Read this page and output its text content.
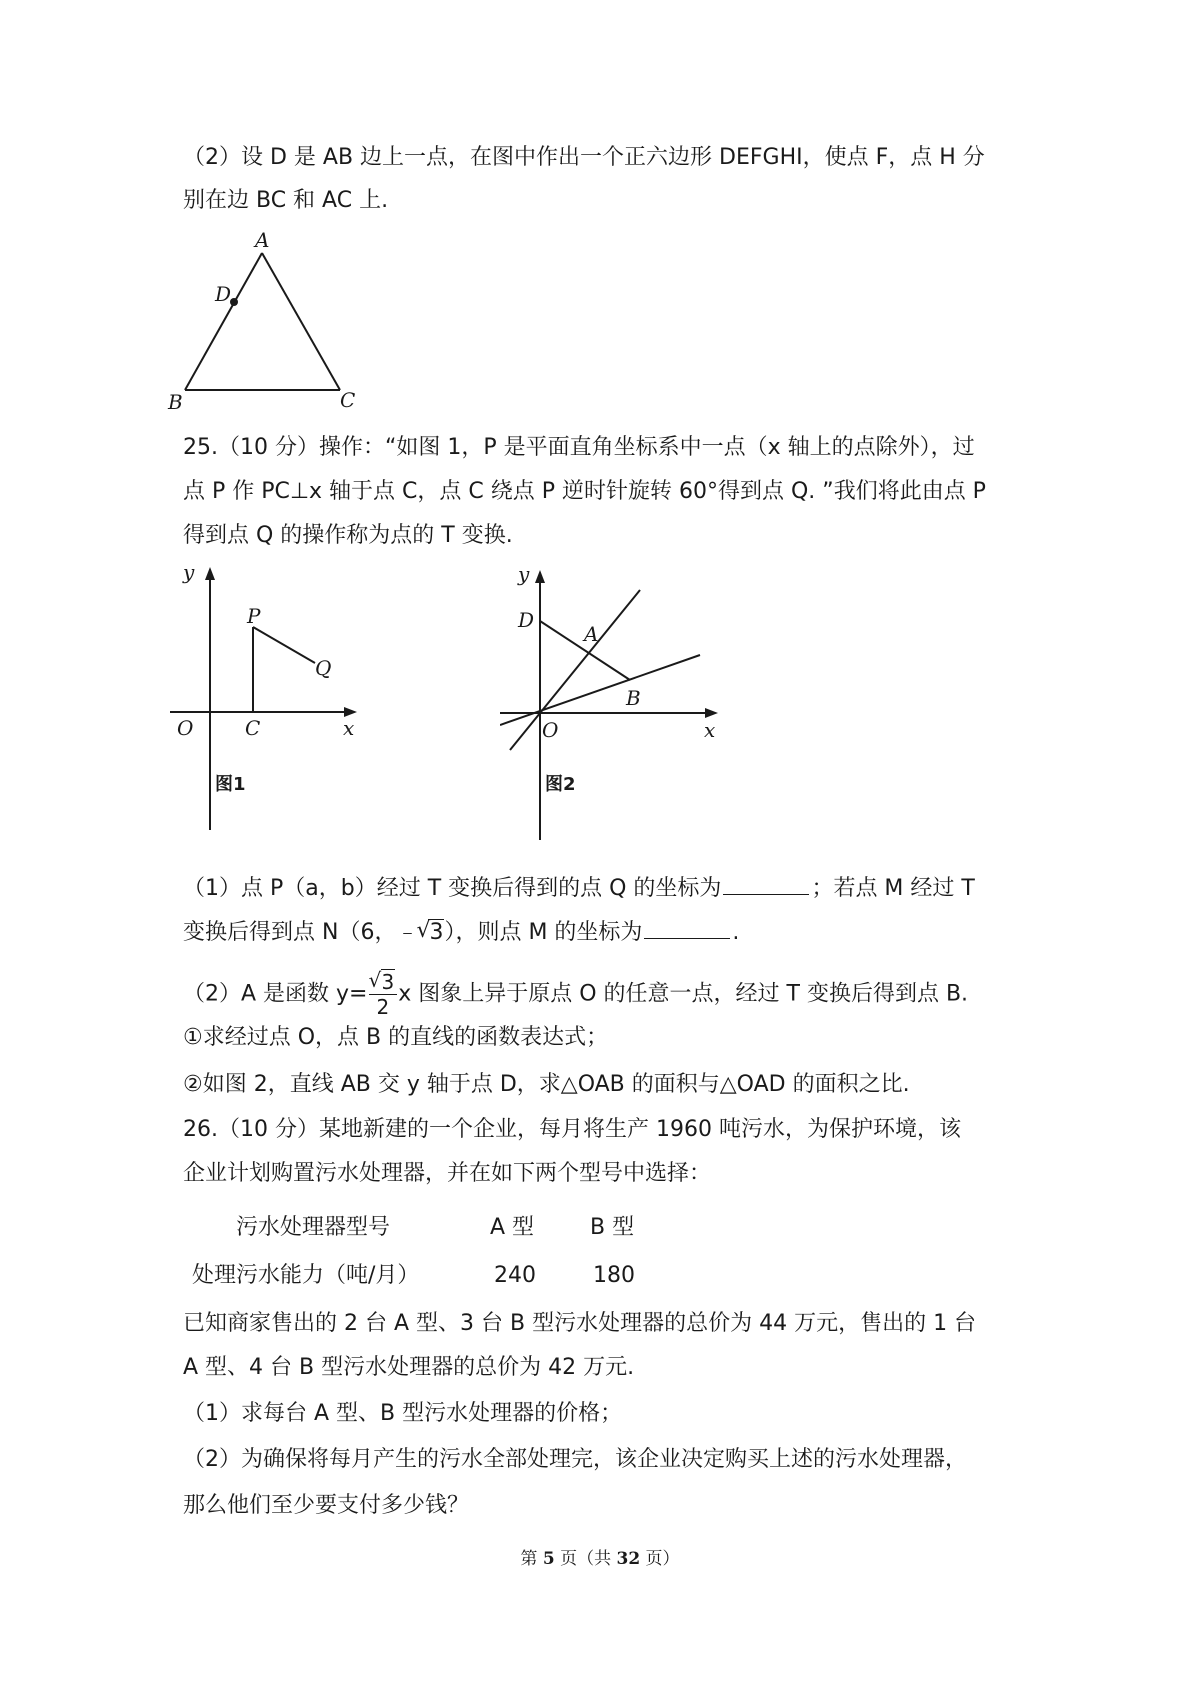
（2）设 D 是 AB 边上一点，在图中作出一个正六边形 DEFGHI，使点 F，点 H 分
别在边 BC 和 AC 上.
A
D
B	C
25.（10 分）操作：“如图 1，P 是平面直角坐标系中一点（x 轴上的点除外），过
点 P 作 PC⊥x 轴于点 C，点 C 绕点 P 逆时针旋转 60°得到点 Q. ”我们将此由点 P
得到点 Q 的操作称为点的 T 变换.
y
x
O	C
P
Q
图1
y
x
O
D
A
B
图2
（1）点 P（a，b）经过 T 变换后得到的点 Q 的坐标为	；若点 M 经过 T
变换后得到点 N（6，﹣ √ 3），则点 M 的坐标为	.
（2）A 是函数 y= √ $\frac{3}{2}$ x 图象上异于原点 O 的任意一点，经过 T 变换后得到点 B.
①求经过点 O，点 B 的直线的函数表达式；
②如图 2，直线 AB 交 y 轴于点 D，求△OAB 的面积与△OAD 的面积之比.
26.（10 分）某地新建的一个企业，每月将生产 1960 吨污水，为保护环境，该
企业计划购置污水处理器，并在如下两个型号中选择：
污水处理器型号	A 型	B 型
处理污水能力（吨/月）	240	180
已知商家售出的 2 台 A 型、3 台 B 型污水处理器的总价为 44 万元，售出的 1 台
A 型、4 台 B 型污水处理器的总价为 42 万元.
（1）求每台 A 型、B 型污水处理器的价格；
（2）为确保将每月产生的污水全部处理完，该企业决定购买上述的污水处理器，
那么他们至少要支付多少钱？
第 5 页（共 32 页）
